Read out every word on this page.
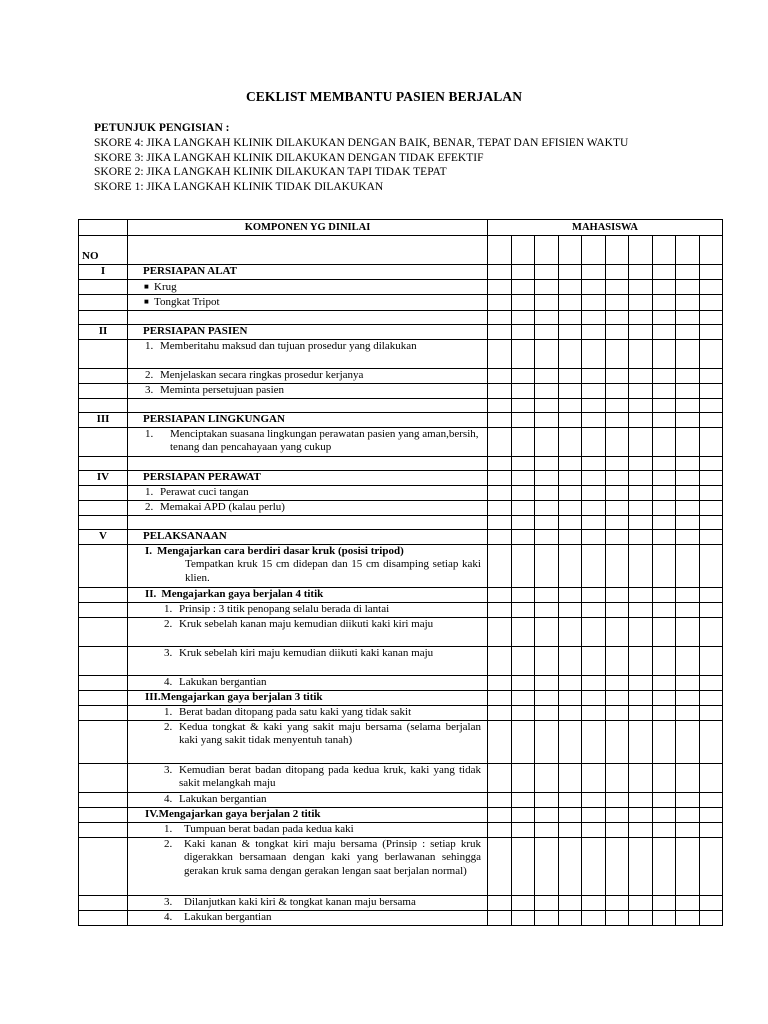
CEKLIST MEMBANTU PASIEN BERJALAN
PETUNJUK PENGISIAN :
SKORE 4: JIKA LANGKAH KLINIK DILAKUKAN DENGAN BAIK, BENAR, TEPAT DAN EFISIEN WAKTU
SKORE 3: JIKA LANGKAH KLINIK DILAKUKAN DENGAN TIDAK EFEKTIF
SKORE 2: JIKA LANGKAH KLINIK DILAKUKAN TAPI TIDAK TEPAT
SKORE 1: JIKA LANGKAH KLINIK TIDAK DILAKUKAN
	KOMPONEN YG DINILAI	MAHASISWA									
NO											
I	PERSIAPAN ALAT										
	■ Krug										
	■ Tongkat Tripot										

II	PERSIAPAN PASIEN										

	1. Memberitahu maksud dan tujuan prosedur yang dilakukan										

	2. Menjelaskan secara ringkas prosedur kerjanya										

	3. Meminta persetujuan pasien										

III	PERSIAPAN LINGKUNGAN										

	1. Menciptakan suasana lingkungan perawatan pasien yang aman,bersih, tenang dan pencahayaan yang cukup										

IV	PERSIAPAN PERAWAT										

	1. Perawat cuci tangan										

	2. Memakai APD (kalau perlu)										

V	PELAKSANAAN										

	I. Mengajarkan cara berdiri dasar kruk (posisi tripod)
Tempatkan kruk 15 cm didepan dan 15 cm disamping setiap kaki klien.										

	II. Mengajarkan gaya berjalan 4 titik										

	1. Prinsip : 3 titik penopang selalu berada di lantai										

	2. Kruk sebelah kanan maju kemudian diikuti kaki kiri maju										

	3. Kruk sebelah kiri maju kemudian diikuti kaki kanan maju										

	4. Lakukan bergantian										

	III. Mengajarkan gaya berjalan 3 titik										

	1. Berat badan ditopang pada satu kaki yang tidak sakit										

	2. Kedua tongkat & kaki yang sakit maju bersama (selama berjalan kaki yang sakit tidak menyentuh tanah)										

	3. Kemudian berat badan ditopang pada kedua kruk, kaki yang tidak sakit melangkah maju										

	4. Lakukan bergantian										

	IV. Mengajarkan gaya berjalan 2 titik										

	1. Tumpuan berat badan pada kedua kaki										

	2. Kaki kanan & tongkat kiri maju bersama (Prinsip : setiap kruk digerakkan bersamaan dengan kaki yang berlawanan sehingga gerakan kruk sama dengan gerakan lengan saat berjalan normal)										

	3. Dilanjutkan kaki kiri & tongkat kanan maju bersama										

	4. Lakukan bergantian										
